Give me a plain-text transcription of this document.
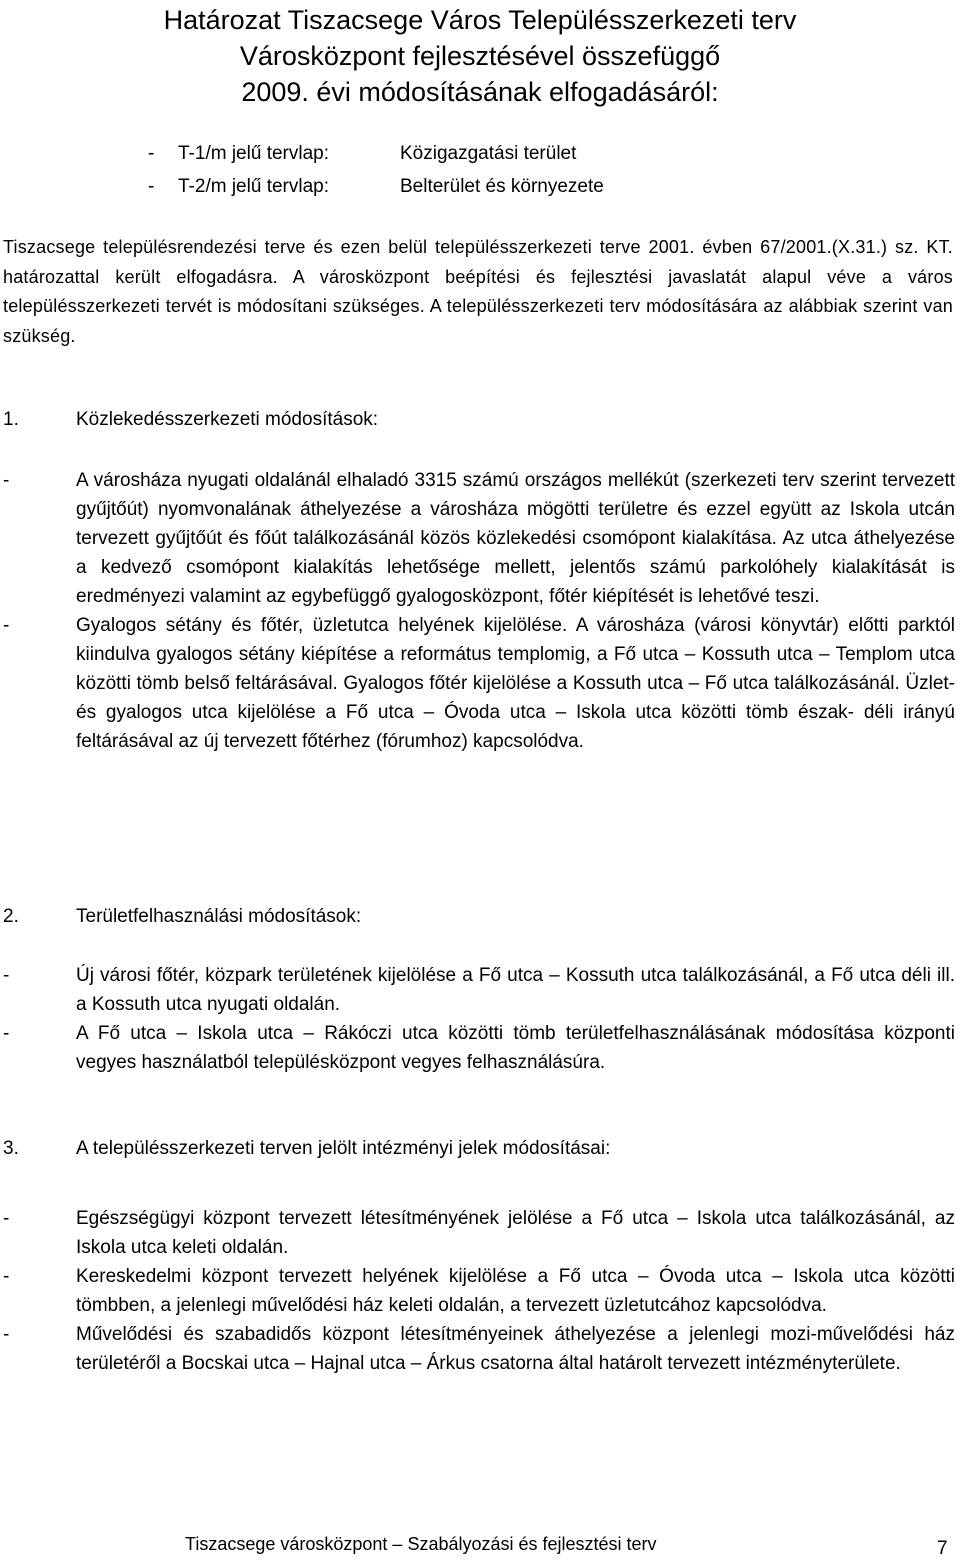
Határozat Tiszacsege Város Településszerkezeti terv
Városközpont fejlesztésével összefüggő
2009. évi módosításának elfogadásáról:
-	T-1/m jelű tervlap:	Közigazgatási terület
-	T-2/m jelű tervlap:	Belterület és környezete

Tiszacsege településrendezési terve és ezen belül településszerkezeti terve 2001. évben 67/2001.(X.31.) sz. KT. határozattal került elfogadásra. A városközpont beépítési és fejlesztési javaslatát alapul véve a város településszerkezeti tervét is módosítani szükséges. A településszerkezeti terv módosítására az alábbiak szerint van szükség.

1.	Közlekedésszerkezeti módosítások:
-	A városháza nyugati oldalánál elhaladó 3315 számú országos mellékút (szerkezeti terv szerint tervezett gyűjtőút) nyomvonalának áthelyezése a városháza mögötti területre és ezzel együtt az Iskola utcán tervezett gyűjtőút és főút találkozásánál közös közlekedési csomópont kialakítása. Az utca áthelyezése a kedvező csomópont kialakítás lehetősége mellett, jelentős számú parkolóhely kialakítását is eredményezi valamint az egybefüggő gyalogosközpont, főtér kiépítését is lehetővé teszi.
-	Gyalogos sétány és főtér, üzletutca helyének kijelölése. A városháza (városi könyvtár) előtti parktól kiindulva gyalogos sétány kiépítése a református templomig, a Fő utca – Kossuth utca – Templom utca közötti tömb belső feltárásával. Gyalogos főtér kijelölése a Kossuth utca – Fő utca találkozásánál. Üzlet- és gyalogos utca kijelölése a Fő utca – Óvoda utca – Iskola utca közötti tömb észak- déli irányú feltárásával az új tervezett főtérhez (fórumhoz) kapcsolódva.
2.	Területfelhasználási módosítások:
-	Új városi főtér, közpark területének kijelölése a Fő utca – Kossuth utca találkozásánál, a Fő utca déli ill. a Kossuth utca nyugati oldalán.
-	A Fő utca – Iskola utca – Rákóczi utca közötti tömb területfelhasználásának módosítása központi vegyes használatból településközpont vegyes felhasználásúra.
3.	A településszerkezeti terven jelölt intézményi jelek módosításai:
-	Egészségügyi központ tervezett létesítményének jelölése a Fő utca – Iskola utca találkozásánál, az Iskola utca keleti oldalán.
-	Kereskedelmi központ tervezett helyének kijelölése a Fő utca – Óvoda utca – Iskola utca közötti tömbben, a jelenlegi művelődési ház keleti oldalán, a tervezett üzletutcához kapcsolódva.
-	Művelődési és szabadidős központ létesítményeinek áthelyezése a jelenlegi mozi-művelődési ház területéről a Bocskai utca – Hajnal utca – Árkus csatorna által határolt tervezett intézményterülete.
Tiszacsege városközpont – Szabályozási és fejlesztési terv	7
